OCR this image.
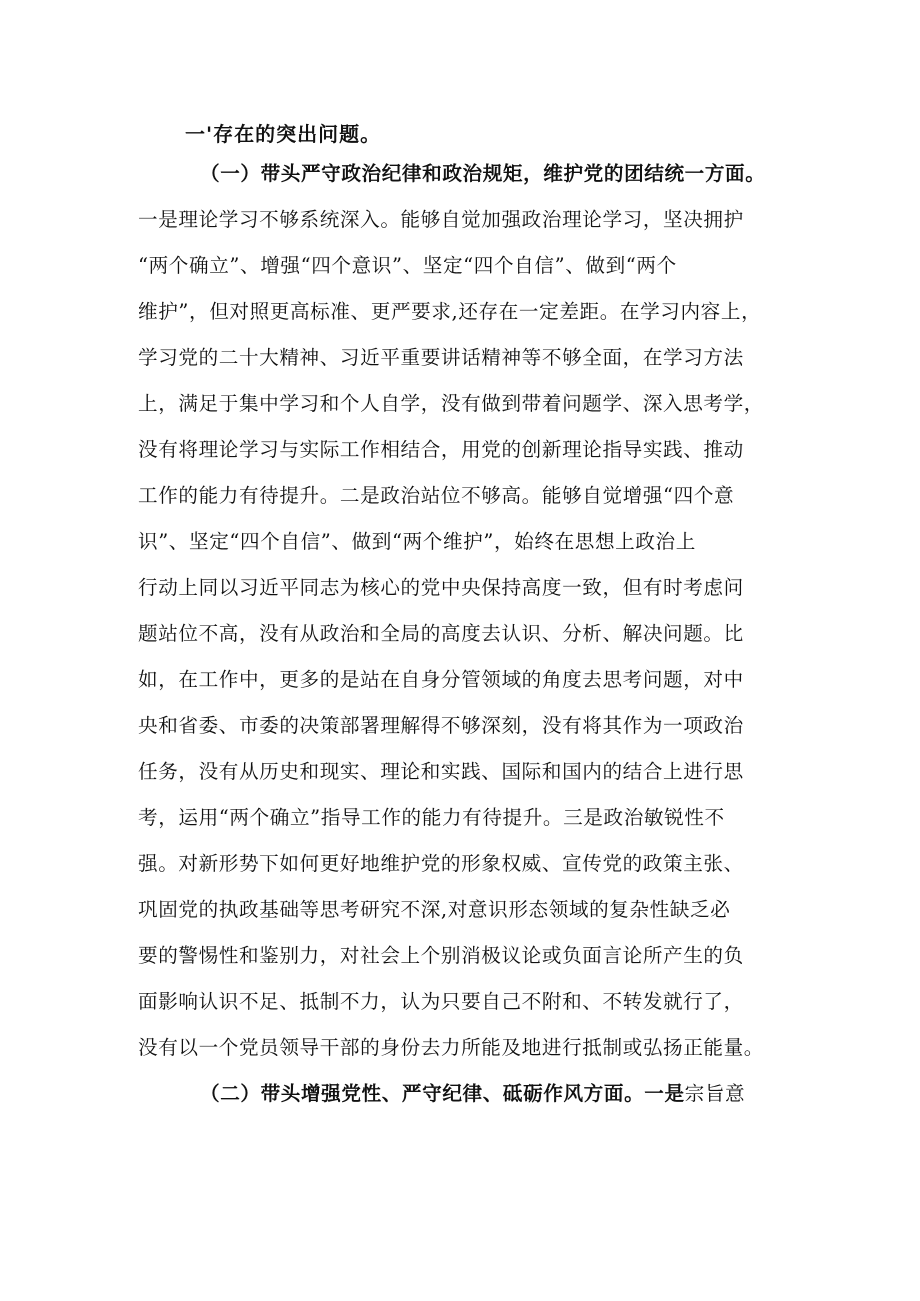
一'存在的突出问题。
（一）带头严守政治纪律和政治规矩，维护党的团结统一方面。
一是理论学习不够系统深入。能够自觉加强政治理论学习，坚决拥护
“两个确立”、增强“四个意识”、坚定“四个自信”、做到“两个
维护”，但对照更高标准、更严要求,还存在一定差距。在学习内容上，
学习党的二十大精神、习近平重要讲话精神等不够全面，在学习方法
上，满足于集中学习和个人自学，没有做到带着问题学、深入思考学，
没有将理论学习与实际工作相结合，用党的创新理论指导实践、推动
工作的能力有待提升。二是政治站位不够高。能够自觉增强“四个意
识”、坚定“四个自信”、做到“两个维护”，始终在思想上政治上
行动上同以习近平同志为核心的党中央保持高度一致，但有时考虑问
题站位不高，没有从政治和全局的高度去认识、分析、解决问题。比
如，在工作中，更多的是站在自身分管领域的角度去思考问题，对中
央和省委、市委的决策部署理解得不够深刻，没有将其作为一项政治
任务，没有从历史和现实、理论和实践、国际和国内的结合上进行思
考，运用“两个确立”指导工作的能力有待提升。三是政治敏锐性不
强。对新形势下如何更好地维护党的形象权威、宣传党的政策主张、
巩固党的执政基础等思考研究不深,对意识形态领域的复杂性缺乏必
要的警惕性和鉴别力，对社会上个别消极议论或负面言论所产生的负
面影响认识不足、抵制不力，认为只要自己不附和、不转发就行了，
没有以一个党员领导干部的身份去力所能及地进行抵制或弘扬正能量。
（二）带头增强党性、严守纪律、砥砺作风方面。一是宗旨意
